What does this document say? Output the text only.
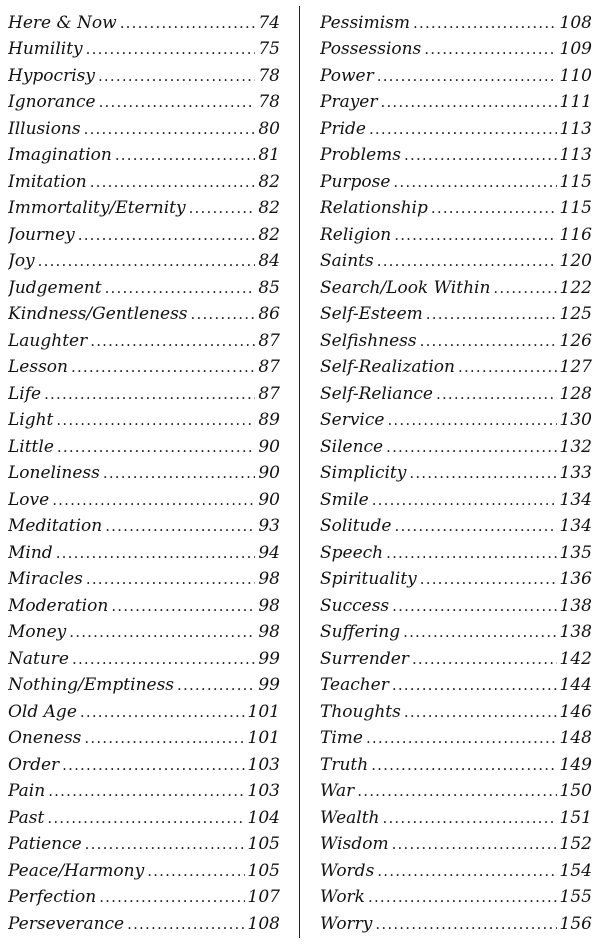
Here & Now .....	74
Humility .....	75
Hypocrisy .....	78
Ignorance .....	78
Illusions .....	80
Imagination .....	81
Imitation .....	82
Immortality/Eternity .....	82
Journey .....	82
Joy .....	84
Judgement .....	85
Kindness/Gentleness .....	86
Laughter .....	87
Lesson .....	87
Life .....	87
Light .....	89
Little .....	90
Loneliness .....	90
Love .....	90
Meditation .....	93
Mind .....	94
Miracles .....	98
Moderation .....	98
Money .....	98
Nature .....	99
Nothing/Emptiness .....	99
Old Age .....	101
Oneness .....	101
Order .....	103
Pain .....	103
Past .....	104
Patience .....	105
Peace/Harmony .....	105
Perfection .....	107
Perseverance .....	108
Pessimism .....	108
Possessions .....	109
Power .....	110
Prayer .....	111
Pride .....	113
Problems .....	113
Purpose .....	115
Relationship .....	115
Religion .....	116
Saints .....	120
Search/Look Within .....	122
Self-Esteem .....	125
Selfishness .....	126
Self-Realization .....	127
Self-Reliance .....	128
Service .....	130
Silence .....	132
Simplicity .....	133
Smile .....	134
Solitude .....	134
Speech .....	135
Spirituality .....	136
Success .....	138
Suffering .....	138
Surrender .....	142
Teacher .....	144
Thoughts .....	146
Time .....	148
Truth .....	149
War .....	150
Wealth .....	151
Wisdom .....	152
Words .....	154
Work .....	155
Worry .....	156
